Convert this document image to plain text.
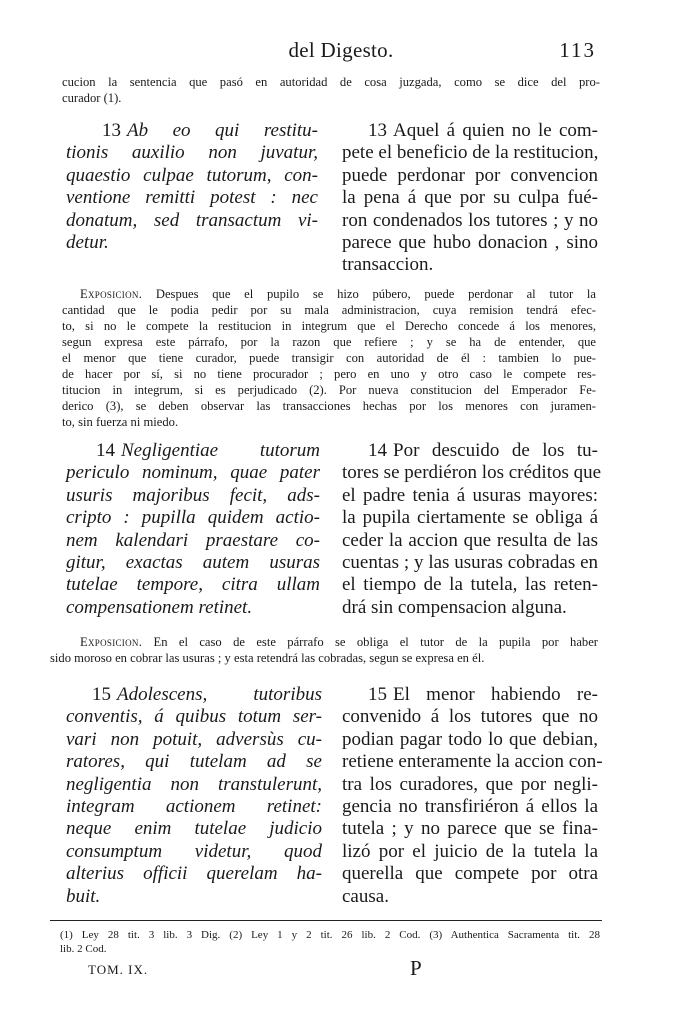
del Digesto.	113
cucion la sentencia que pasó en autoridad de cosa juzgada, como se dice del pro-
curador (1).
13 Ab eo qui restitu-
tionis auxilio non juvatur,
quaestio culpae tutorum, con-
ventione remitti potest : nec
donatum, sed transactum vi-
detur.
13 Aquel á quien no le com-
pete el beneficio de la restitucion,
puede perdonar por convencion
la pena á que por su culpa fué-
ron condenados los tutores ; y no
parece que hubo donacion , sino
transaccion.
Exposicion. Despues que el pupilo se hizo púbero, puede perdonar al tutor la
cantidad que le podia pedir por su mala administracion, cuya remision tendrá efec-
to, si no le compete la restitucion in integrum que el Derecho concede á los menores,
segun expresa este párrafo, por la razon que refiere ; y se ha de entender, que
el menor que tiene curador, puede transigir con autoridad de él : tambien lo pue-
de hacer por sí, si no tiene procurador ; pero en uno y otro caso le compete res-
titucion in integrum, si es perjudicado (2). Por nueva constitucion del Emperador Fe-
derico (3), se deben observar las transacciones hechas por los menores con juramen-
to, sin fuerza ni miedo.
14 Negligentiae tutorum
periculo nominum, quae pater
usuris majoribus fecit, ads-
cripto : pupilla quidem actio-
nem kalendari praestare co-
gitur, exactas autem usuras
tutelae tempore, citra ullam
compensationem retinet.
14 Por descuido de los tu-
tores se perdiéron los créditos que
el padre tenia á usuras mayores:
la pupila ciertamente se obliga á
ceder la accion que resulta de las
cuentas ; y las usuras cobradas en
el tiempo de la tutela, las reten-
drá sin compensacion alguna.
Exposicion. En el caso de este párrafo se obliga el tutor de la pupila por haber
sido moroso en cobrar las usuras ; y esta retendrá las cobradas, segun se expresa en él.
15 Adolescens, tutoribus
conventis, á quibus totum ser-
vari non potuit, adversùs cu-
ratores, qui tutelam ad se
negligentia non transtulerunt,
integram actionem retinet:
neque enim tutelae judicio
consumptum videtur, quod
alterius officii querelam ha-
buit.
15 El menor habiendo re-
convenido á los tutores que no
podian pagar todo lo que debian,
retiene enteramente la accion con-
tra los curadores, que por negli-
gencia no transfiriéron á ellos la
tutela ; y no parece que se fina-
lizó por el juicio de la tutela la
querella que compete por otra
causa.
(1) Ley 28 tit. 3 lib. 3 Dig. (2) Ley 1 y 2 tit. 26 lib. 2 Cod. (3) Authentica Sacramenta tit. 28
lib. 2 Cod.
TOM. IX.	P
